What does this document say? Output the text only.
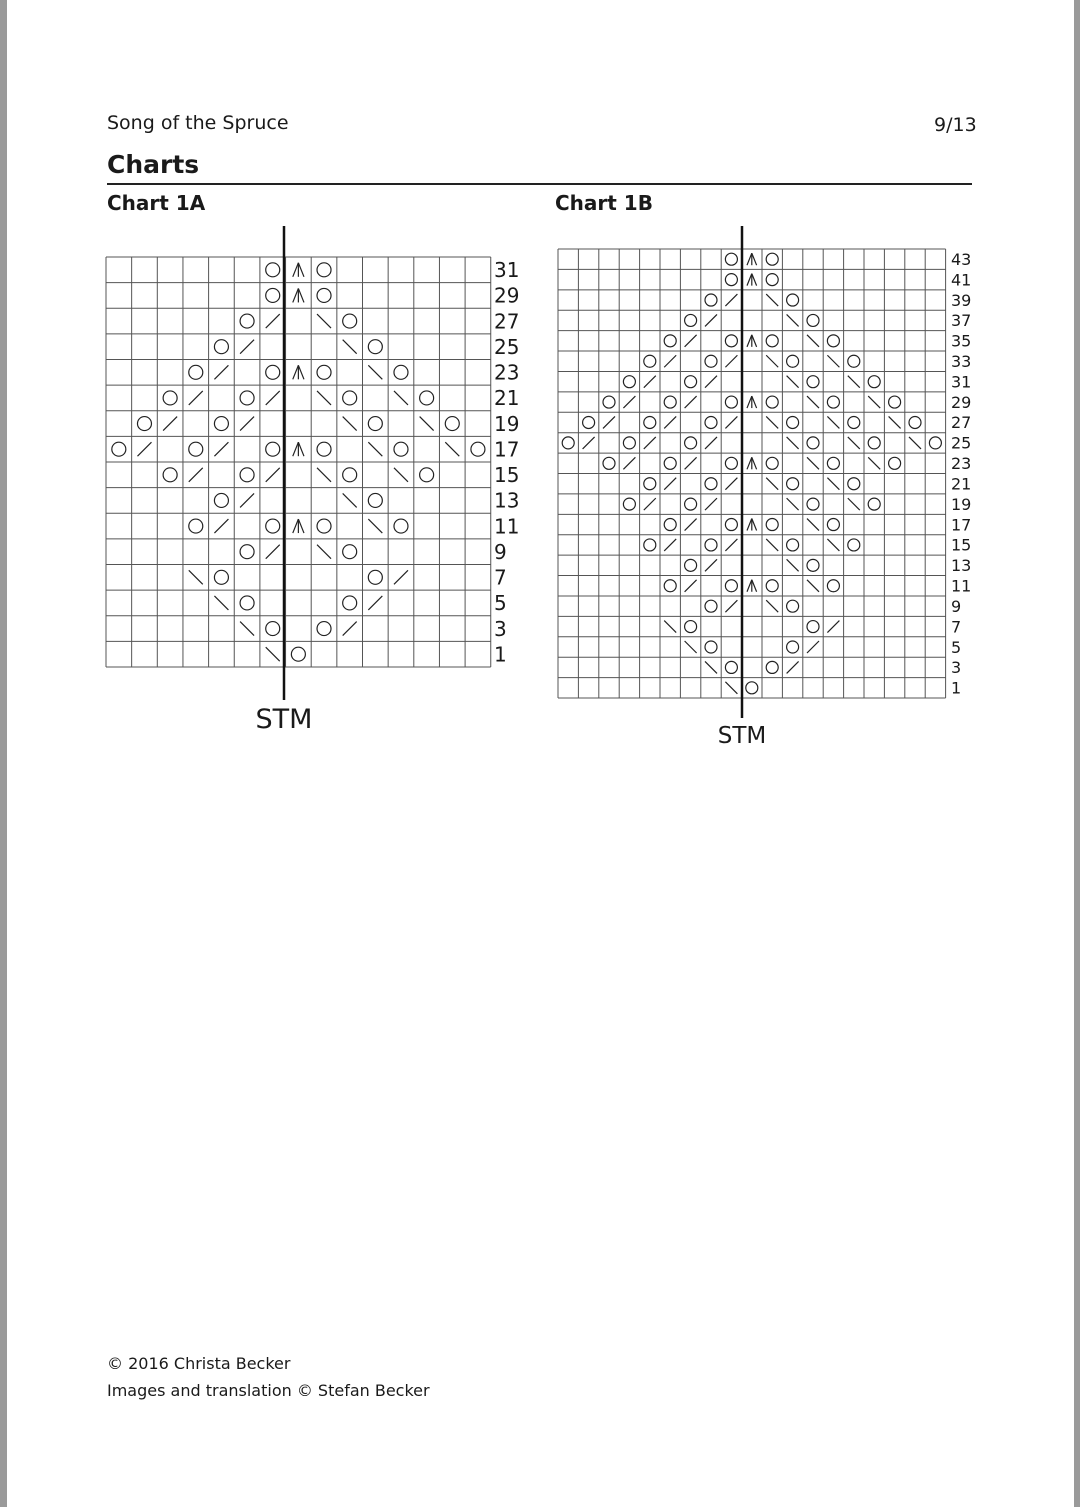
Song of the Spruce	9/13
Charts
Chart 1A	Chart 1B
31
29
27
25
23
21
19
17
15
13
11
9
7
5
3
1
STM
43
41
39
37
35
33
31
29
27
25
23
21
19
17
15
13
11
9
7
5
3
1
STM
© 2016 Christa Becker
Images and translation © Stefan Becker
